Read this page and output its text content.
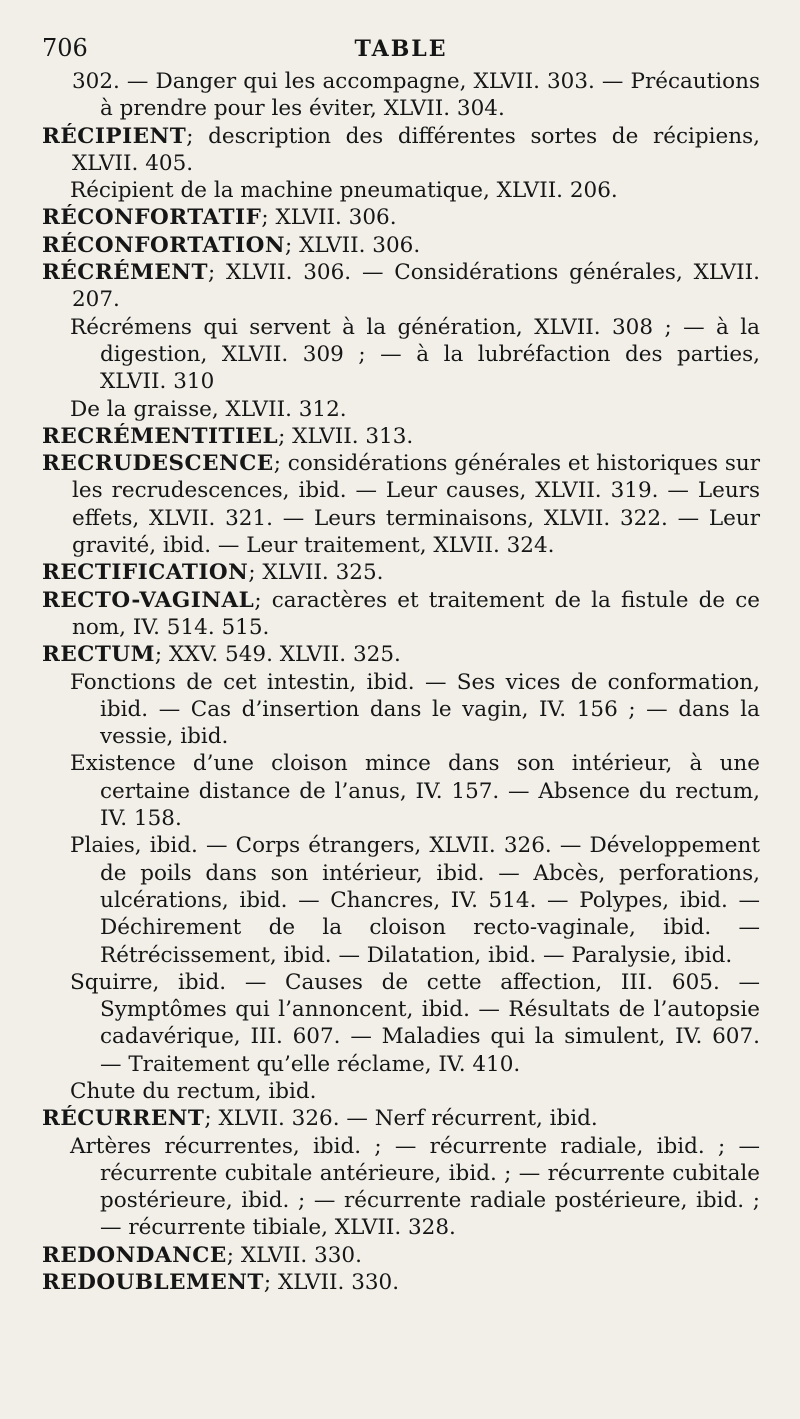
706	TABLE

302. — Danger qui les accompagne, XLVII. 303. — Précautions à prendre pour les éviter, XLVII. 304.

RÉCIPIENT; description des différentes sortes de récipiens, XLVII. 405.

Récipient de la machine pneumatique, XLVII. 206.

RÉCONFORTATIF; XLVII. 306.

RÉCONFORTATION; XLVII. 306.

RÉCRÉMENT; XLVII. 306. — Considérations générales, XLVII. 207.

Récrémens qui servent à la génération, XLVII. 308 ; — à la digestion, XLVII. 309 ; — à la lubréfaction des parties, XLVII. 310

De la graisse, XLVII. 312.

RECRÉMENTITIEL; XLVII. 313.

RECRUDESCENCE; considérations générales et historiques sur les recrudescences, ibid. — Leur causes, XLVII. 319. — Leurs effets, XLVII. 321. — Leurs terminaisons, XLVII. 322. — Leur gravité, ibid. — Leur traitement, XLVII. 324.

RECTIFICATION; XLVII. 325.

RECTO-VAGINAL; caractères et traitement de la fistule de ce nom, IV. 514. 515.

RECTUM; XXV. 549. XLVII. 325.

Fonctions de cet intestin, ibid. — Ses vices de conformation, ibid. — Cas d’insertion dans le vagin, IV. 156 ; — dans la vessie, ibid.

Existence d’une cloison mince dans son intérieur, à une certaine distance de l’anus, IV. 157. — Absence du rectum, IV. 158.

Plaies, ibid. — Corps étrangers, XLVII. 326. — Développement de poils dans son intérieur, ibid. — Abcès, perforations, ulcérations, ibid. — Chancres, IV. 514. — Polypes, ibid. — Déchirement de la cloison recto-vaginale, ibid. — Rétrécissement, ibid. — Dilatation, ibid. — Paralysie, ibid.

Squirre, ibid. — Causes de cette affection, III. 605. — Symptômes qui l’annoncent, ibid. — Résultats de l’autopsie cadavérique, III. 607. — Maladies qui la simulent, IV. 607. — Traitement qu’elle réclame, IV. 410.

Chute du rectum, ibid.

RÉCURRENT; XLVII. 326. — Nerf récurrent, ibid.

Artères récurrentes, ibid. ; — récurrente radiale, ibid. ; — récurrente cubitale antérieure, ibid. ; — récurrente cubitale postérieure, ibid. ; — récurrente radiale postérieure, ibid. ; — récurrente tibiale, XLVII. 328.

REDONDANCE; XLVII. 330.

REDOUBLEMENT; XLVII. 330.
